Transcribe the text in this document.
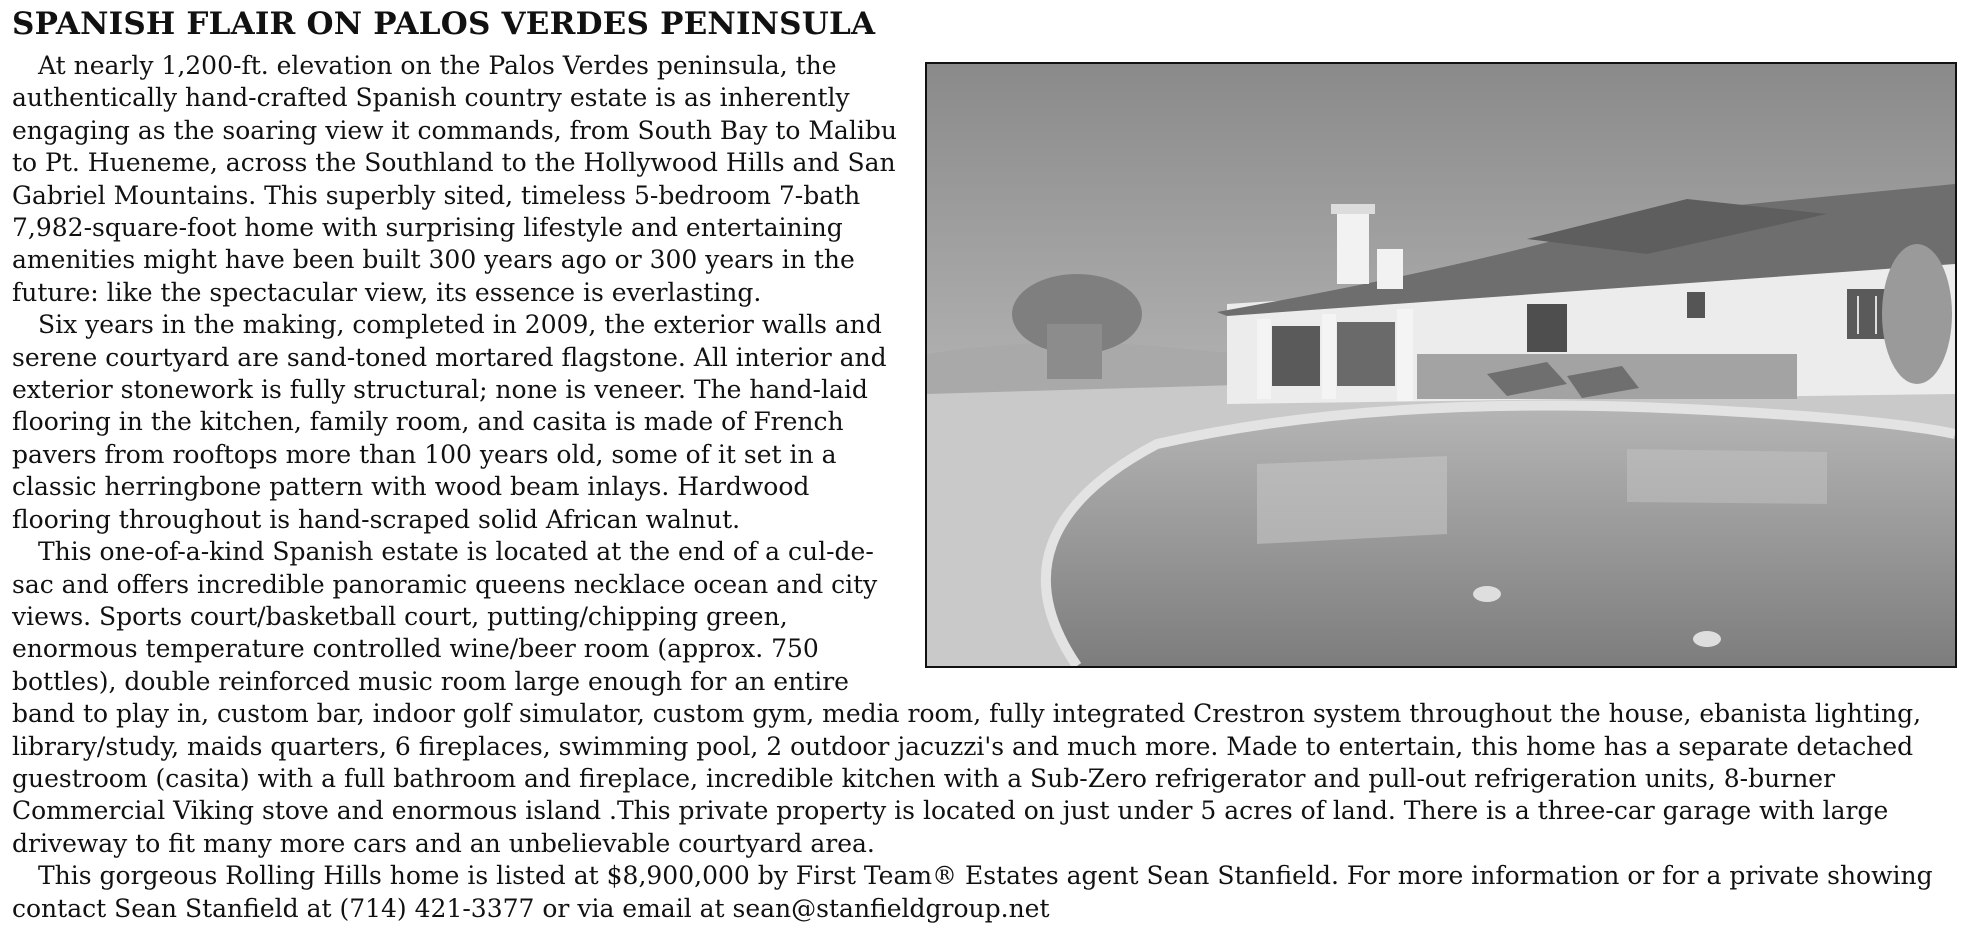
SPANISH FLAIR ON PALOS VERDES PENINSULA

At nearly 1,200-ft. elevation on the Palos Verdes peninsula, the authentically hand-crafted Spanish country estate is as inherently engaging as the soaring view it commands, from South Bay to Malibu to Pt. Hueneme, across the Southland to the Hollywood Hills and San Gabriel Mountains. This superbly sited, timeless 5-bedroom 7-bath 7,982-square-foot home with surprising lifestyle and entertaining amenities might have been built 300 years ago or 300 years in the future: like the spectacular view, its essence is everlasting.

Six years in the making, completed in 2009, the exterior walls and serene courtyard are sand-toned mortared flagstone. All interior and exterior stonework is fully structural; none is veneer. The hand-laid flooring in the kitchen, family room, and casita is made of French pavers from rooftops more than 100 years old, some of it set in a classic herringbone pattern with wood beam inlays. Hardwood flooring throughout is hand-scraped solid African walnut.

This one-of-a-kind Spanish estate is located at the end of a cul-de-sac and offers incredible panoramic queens necklace ocean and city views. Sports court/basketball court, putting/chipping green, enormous temperature controlled wine/beer room (approx. 750 bottles), double reinforced music room large enough for an entire band to play in, custom bar, indoor golf simulator, custom gym, media room, fully integrated Crestron system throughout the house, ebanista lighting, library/study, maids quarters, 6 fireplaces, swimming pool, 2 outdoor jacuzzi's and much more. Made to entertain, this home has a separate detached guestroom (casita) with a full bathroom and fireplace, incredible kitchen with a Sub-Zero refrigerator and pull-out refrigeration units, 8-burner Commercial Viking stove and enormous island .This private property is located on just under 5 acres of land. There is a three-car garage with large driveway to fit many more cars and an unbelievable courtyard area.

This gorgeous Rolling Hills home is listed at $8,900,000 by First Team® Estates agent Sean Stanfield. For more information or for a private showing contact Sean Stanfield at (714) 421-3377 or via email at sean@stanfieldgroup.net
